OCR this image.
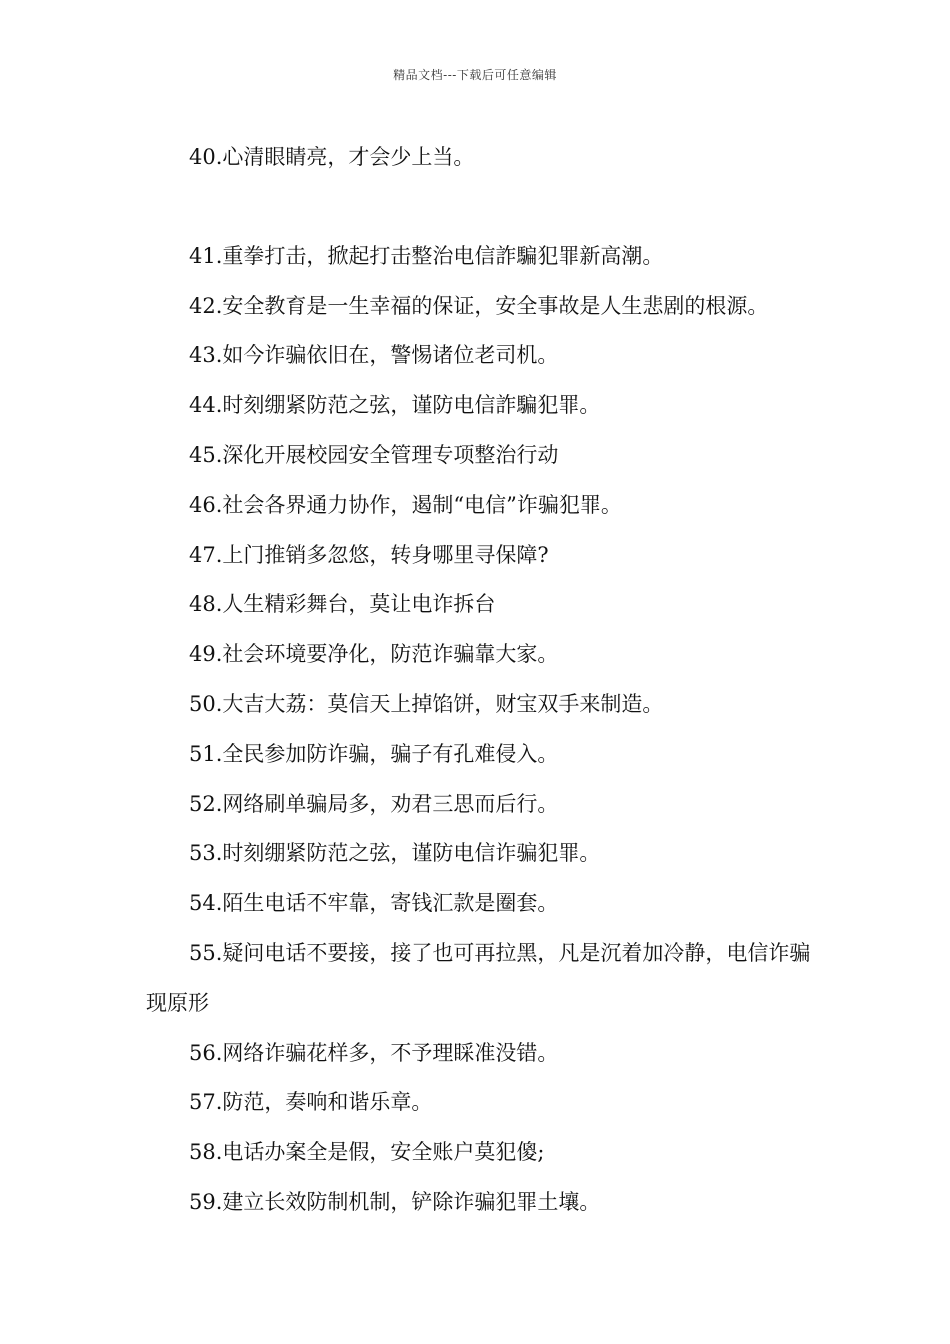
精品文档---下载后可任意编辑
40.心清眼睛亮，才会少上当。
41.重拳打击，掀起打击整治电信詐騙犯罪新高潮。
42.安全教育是一生幸福的保证，安全事故是人生悲剧的根源。
43.如今诈骗依旧在，警惕诸位老司机。
44.时刻绷紧防范之弦，谨防电信詐騙犯罪。
45.深化开展校园安全管理专项整治行动
46.社会各界通力协作，遏制“电信”诈骗犯罪。
47.上门推销多忽悠，转身哪里寻保障?
48.人生精彩舞台，莫让电诈拆台
49.社会环境要净化，防范诈骗靠大家。
50.大吉大荔：莫信天上掉馅饼，财宝双手来制造。
51.全民参加防诈骗，骗子有孔难侵入。
52.网络刷单骗局多，劝君三思而后行。
53.时刻绷紧防范之弦，谨防电信诈骗犯罪。
54.陌生电话不牢靠，寄钱汇款是圈套。
55.疑问电话不要接，接了也可再拉黑，凡是沉着加冷静，电信诈骗现原形
56.网络诈骗花样多，不予理睬准没错。
57.防范，奏响和谐乐章。
58.电话办案全是假，安全账户莫犯傻;
59.建立长效防制机制，铲除诈骗犯罪土壤。
